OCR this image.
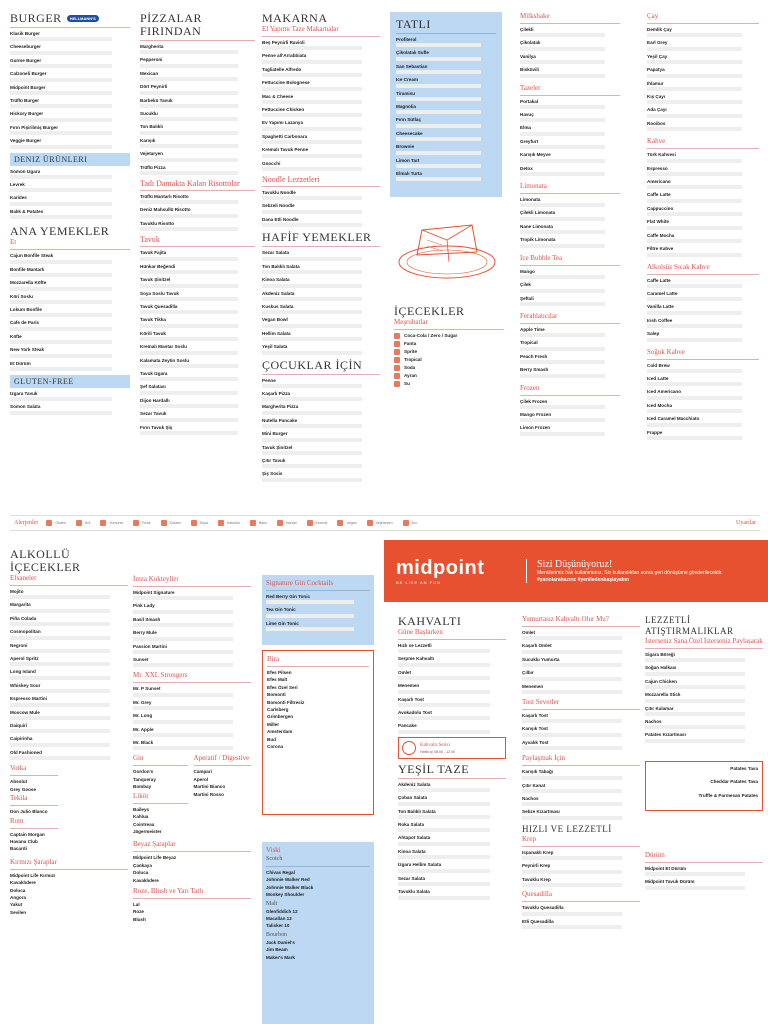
BURGER	HELLMANN'S
Klasik Burger
Cheeseburger
Gurme Burger
Calzoneli Burger
Midpoint Burger
Trüflü Burger
Hickory Burger
Fırın Pişirilmiş Burger
Veggie Burger
DENIZ ÜRÜNLERI
Somon Izgara
Levrek
Karides
Balık & Patates
ANA YEMEKLER
Et
Cajun Bonfile Steak
Bonfile Mantarlı
Mozzarella Köfte
Köri Soslu
Lokum Bonfile
Cafe de Paris
Köfte
New York Steak
Et Dürüm
GLUTEN-FREE
Izgara Tavuk
Somon Salata
PİZZALAR FIRINDAN
Margherita
Pepperoni
Mexican
Dört Peynirli
Barbekü Tavuk
Sucuklu
Ton Balıklı
Karışık
Vejetaryen
Trüflü Pizza
Tadı Damakta Kalan Risottolar
Trüflü Mantarlı Risotto
Deniz Mahsullü Risotto
Tavuklu Risotto
Tavuk
Tavuk Fajita
Hünkar Beğendi
Tavuk Şinitzel
Soya Soslu Tavuk
Tavuk Quesadilla
Tavuk Tikka
Körili Tavuk
Kremalı Mantar Soslu
Kalamata Zeytin Soslu
Tavuk Izgara
Şef Salatası
Dijon Hardallı
Sezar Tavuk
Fırın Tavuk Şiş
MAKARNA
El Yapımı Taze Makarnalar
Beş Peynirli Ravioli
Penne all'Arrabbiata
Tagliatelle Alfredo
Fettuccine Bolognese
Mac & Cheese
Fettuccine Chicken
Ev Yapımı Lazanya
Spaghetti Carbonara
Kremalı Tavuk Penne
Gnocchi
Noodle Lezzetleri
Tavuklu Noodle
Sebzeli Noodle
Dana Etli Noodle
HAFİF YEMEKLER
Sezar Salata
Ton Balıklı Salata
Kinoa Salata
Akdeniz Salata
Kuskus Salata
Vegan Bowl
Hellim Salata
Yeşil Salata
ÇOCUKLAR İÇİN
Penne
Kaşarlı Pizza
Margherita Pizza
Nutella Pancake
Mini Burger
Tavuk Şinitzel
Çıtır Tavuk
Şiş Sosis
TATLI
Profiterol
Çikolatalı Sufle
San Sebastian
Ice Cream
Tiramisu
Magnolia
Fırın Sütlaç
Cheesecake
Brownie
Limon Tart
Elmalı Turta
İÇECEKLER
Meşrubatlar
Coca-Cola / Zero / Sugar
Fanta
Sprite
Tropical
Soda
Ayran
Su
Milkshake
Çilekli
Çikolatalı
Vanilya
Bisküvili
Tazeler
Portakal
Havuç
Elma
Greyfurt
Karışık Meyve
Detox
Limonata
Limonata
Çilekli Limonata
Nane Limonata
Tropik Limonata
Ice Bubble Tea
Mango
Çilek
Şeftali
Ferahlatıcılar
Apple Time
Tropical
Peach Fresh
Berry Smash
Frozen
Çilek Frozen
Mango Frozen
Limon Frozen
Çay
Demlik Çay
Earl Grey
Yeşil Çay
Papatya
Ihlamur
Kış Çayı
Ada Çayı
Rooibos
Kahve
Türk Kahvesi
Espresso
Americano
Caffe Latte
Cappuccino
Flat White
Caffe Mocha
Filtre Kahve
Alkolsüz Sıcak Kahve
Caffe Latte
Caramel Latte
Vanilla Latte
Irish Coffee
Salep
Soğuk Kahve
Cold Brew
Iced Latte
Iced Americano
Iced Mocha
Iced Caramel Macchiato
Frappe
Alerjenler	Gluten	Süt	Yumurta	Fıstık	Susam	Soya	Kabuklu	Balık	Hardal	Kereviz	Vegan	Vejetaryen	Acı	Uyarılar
ALKOLLÜ İÇECEKLER
Efsaneler
Mojito
Margarita
Piña Colada
Cosmopolitan
Negroni
Aperol Spritz
Long Island
Whiskey Sour
Espresso Martini
Moscow Mule
Daiquiri
Caipirinha
Old Fashioned
Votka
Absolut
Grey Goose
Tekila
Don Julio Blanco
Rom
Captain Morgan
Havana Club
Bacardi
Kırmızı Şaraplar
Midpoint Life Kırmızı
Kavaklıdere
Doluca
Angora
Yakut
Sevilen
İmza Kokteyller
Midpoint Signature
Pink Lady
Basil Smash
Berry Mule
Passion Martini
Sunset
Mr. XXL Strongers
Mr. P Sunset
Mr. Grey
Mr. Long
Mr. Apple
Mr. Black
Gin
Gordon's
Tanqueray
Bombay
Likör
Baileys
Kahlua
Cointreau
Jägermeister
Aperatif / Digestive
Campari
Aperol
Martini Bianco
Martini Rosso
Beyaz Şaraplar
Midpoint Life Beyaz
Çankaya
Doluca
Kavaklıdere
Roze, Blush ve Yarı Tatlı
Lal
Roze
Blush
Signature Gin Cocktails
Red Berry Gin Tonic
Tea Gin Tonic
Lime Gin Tonic
Bira
Efes Pilsen
Efes Malt
Efes Özel Seri
Bomonti
Bomonti Filtresiz
Carlsberg
Grimbergen
Miller
Amsterdam
Bud
Corona
Viski
Scotch
Chivas Regal
Johnnie Walker Red
Johnnie Walker Black
Monkey Shoulder
Malt
Glenfiddich 12
Macallan 12
Talisker 10
Bourbon
Jack Daniel's
Jim Beam
Maker's Mark
midpoint
BE LIKE AN FUN
Sizi Düşünüyoruz!
Menülerimiz hak kullanırsınız. Siz kullandıktan sonra geri dönüşüme gönderilecektir.
#yarınlarahazırız #yeniledenbaşlayalım
KAHVALTI
Güne Başlarken
Hızlı ve Lezzetli
Serpme Kahvaltı
Omlet
Menemen
Kaşarlı Tost
Avokadolu Tost
Pancake
Kahvaltı Serisi
Hafta içi 08:00 - 12:00
YEŞİL TAZE
Akdeniz Salata
Çoban Salata
Ton Balıklı Salata
Roka Salata
Ahtapot Salata
Kinoa Salata
Izgara Hellim Salata
Sezar Salata
Tavuklu Salata
Yumurtasız Kahvaltı Olur Mu?
Omlet
Kaşarlı Omlet
Sucuklu Yumurta
Çılbır
Menemen
Tost Severler
Kaşarlı Tost
Karışık Tost
Ayvalık Tost
Paylaşmak İçin
Karışık Tabağı
Çıtır Kanat
Nachos
Sebze Kızartması
HIZLI VE LEZZETLİ
Krep
Ispanaklı Krep
Peynirli Krep
Tavuklu Krep
Quesadilla
Tavuklu Quesadilla
Etli Quesadilla
LEZZETLİ ATIŞTIRMALIKLAR
İsterseniz Sana Özel İsterseniz Paylaşarak
Sigara Böreği
Soğan Halkası
Cajun Chicken
Mozzarella Stick
Çıtır Kalamar
Nachos
Patates Kızartması
Patates Tava
Cheddar Patates Tava
Truffle & Parmesan Patates
Dürüm
Midpoint Et Dürüm
Midpoint Tavuk Dürüm
